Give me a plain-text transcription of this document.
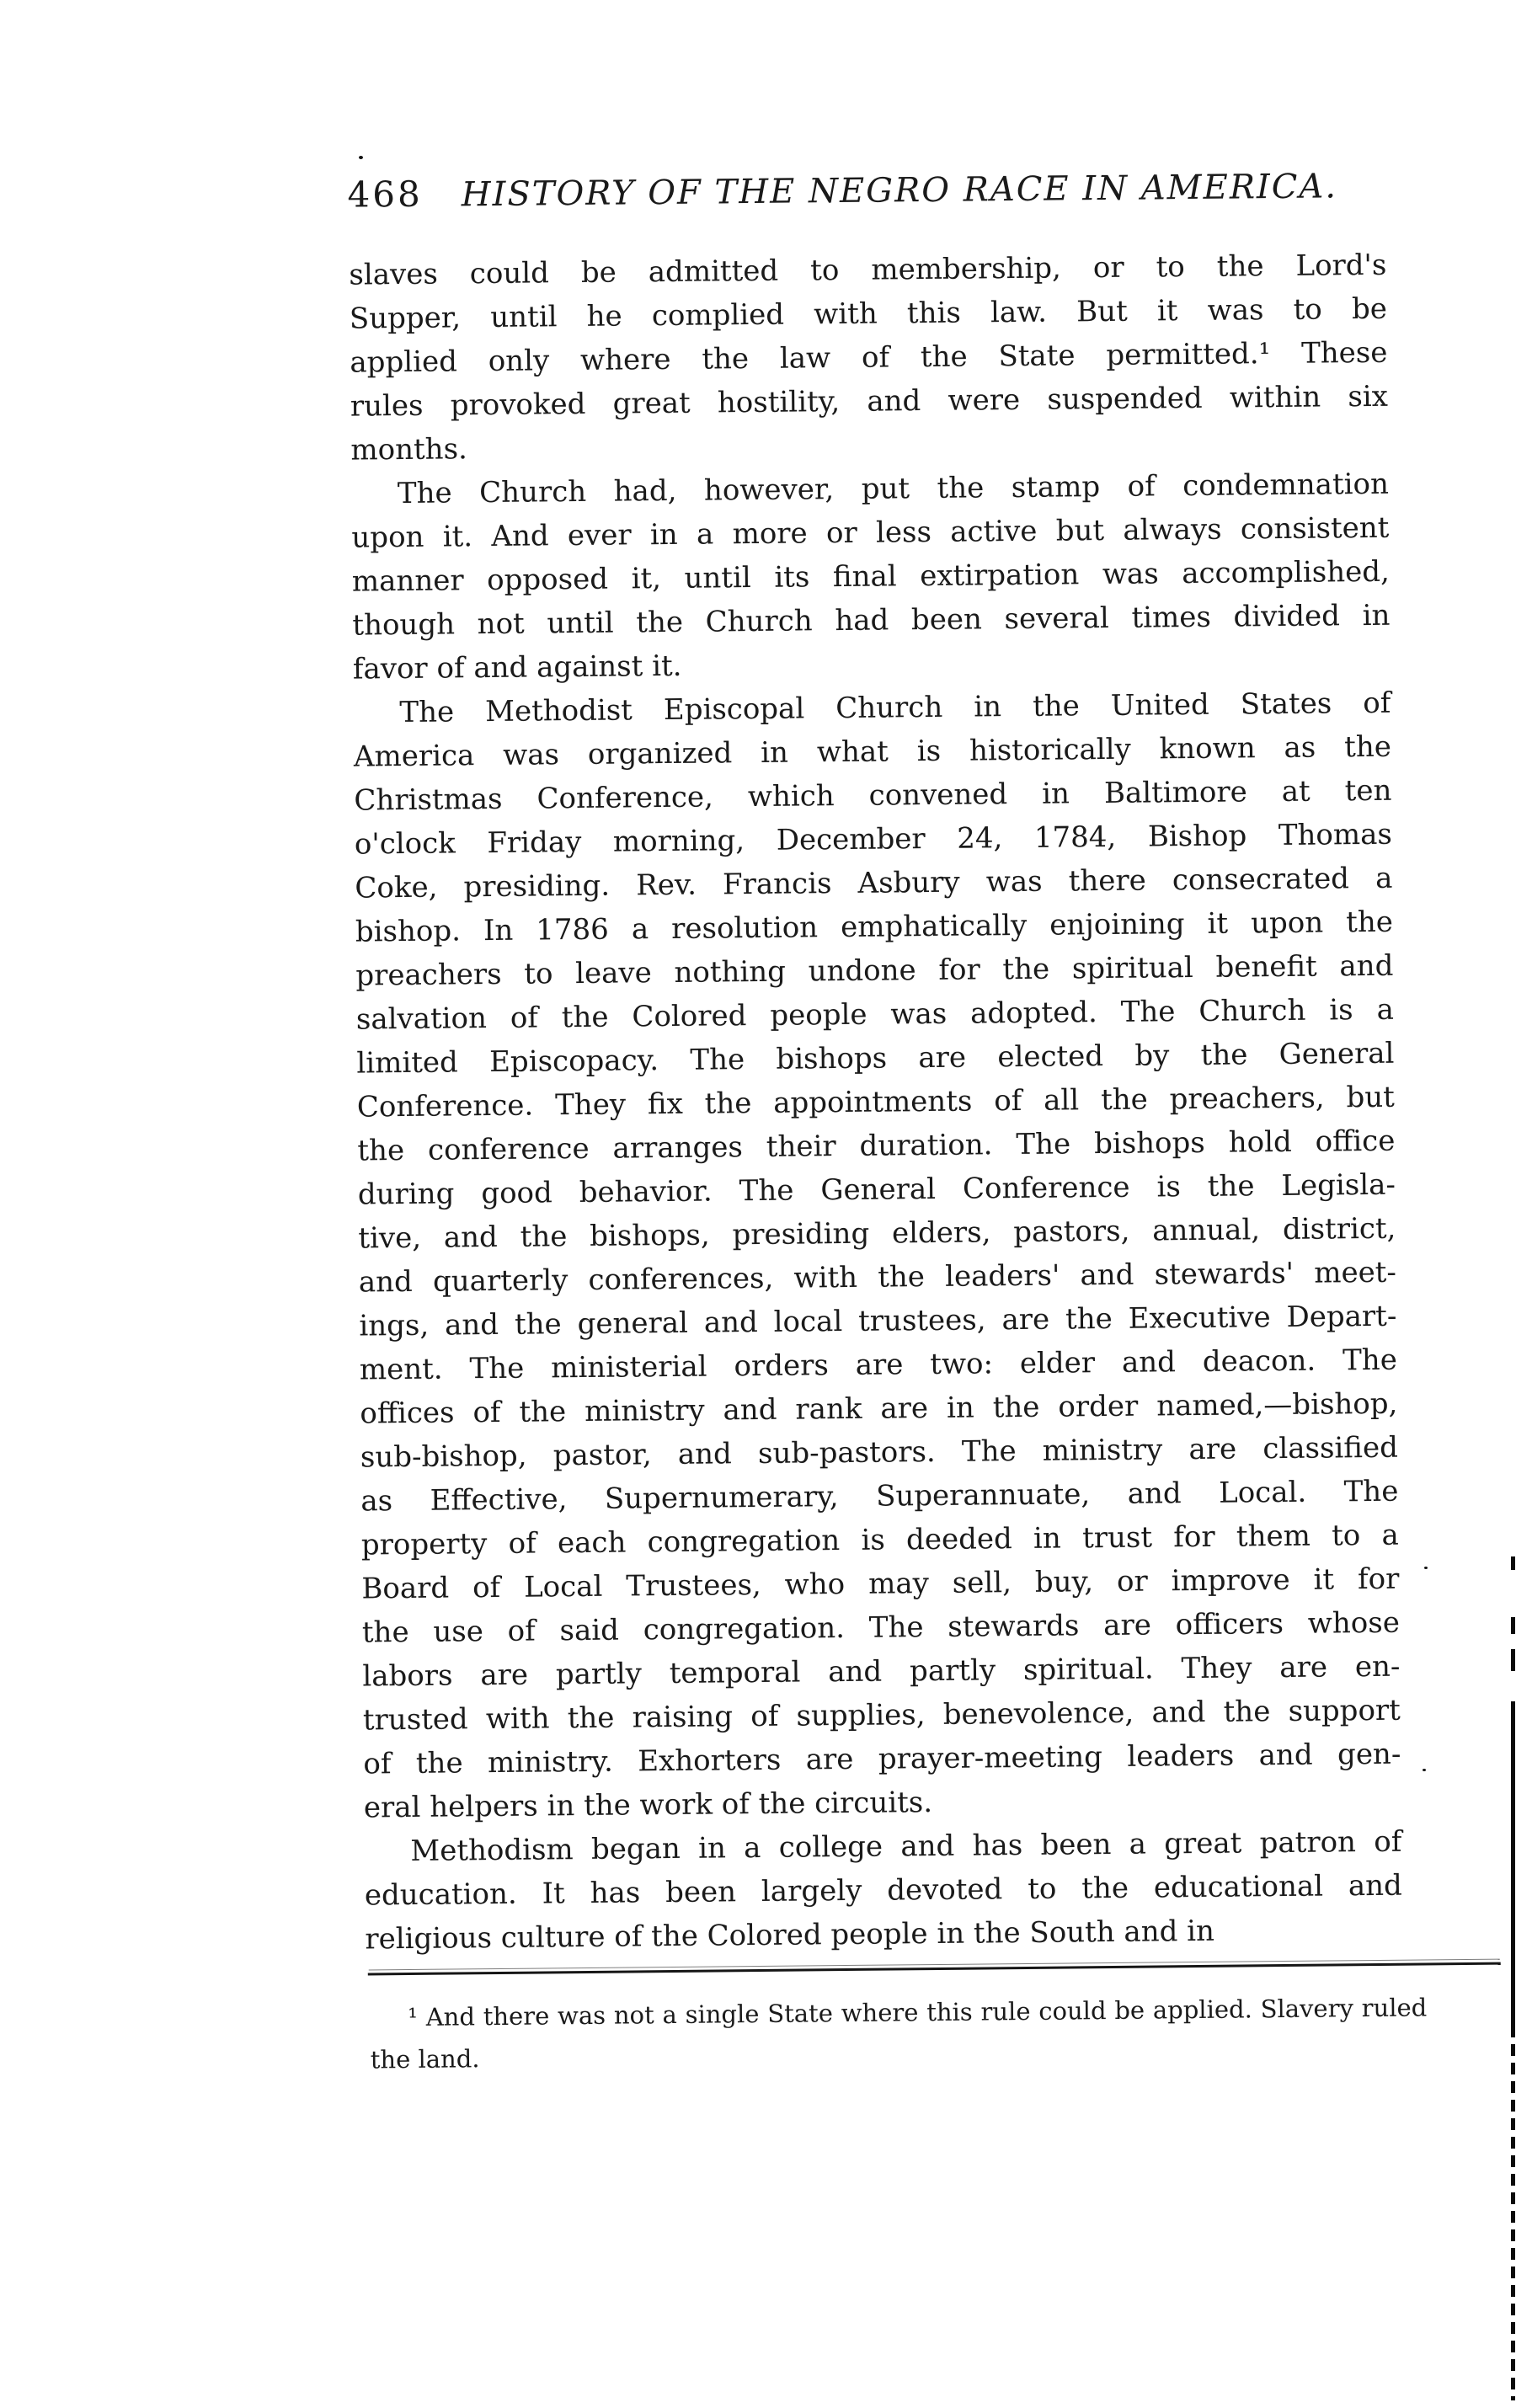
468 HISTORY OF THE NEGRO RACE IN AMERICA.
slaves could be admitted to membership, or to the Lord's
Supper, until he complied with this law. But it was to be
applied only where the law of the State permitted.¹ These
rules provoked great hostility, and were suspended within six
months.
The Church had, however, put the stamp of condemnation
upon it. And ever in a more or less active but always consistent
manner opposed it, until its final extirpation was accomplished,
though not until the Church had been several times divided in
favor of and against it.
The Methodist Episcopal Church in the United States of
America was organized in what is historically known as the
Christmas Conference, which convened in Baltimore at ten
o'clock Friday morning, December 24, 1784, Bishop Thomas
Coke, presiding. Rev. Francis Asbury was there consecrated a
bishop. In 1786 a resolution emphatically enjoining it upon the
preachers to leave nothing undone for the spiritual benefit and
salvation of the Colored people was adopted. The Church is a
limited Episcopacy. The bishops are elected by the General
Conference. They fix the appointments of all the preachers, but
the conference arranges their duration. The bishops hold office
during good behavior. The General Conference is the Legisla-
tive, and the bishops, presiding elders, pastors, annual, district,
and quarterly conferences, with the leaders' and stewards' meet-
ings, and the general and local trustees, are the Executive Depart-
ment. The ministerial orders are two: elder and deacon. The
offices of the ministry and rank are in the order named,—bishop,
sub-bishop, pastor, and sub-pastors. The ministry are classified
as Effective, Supernumerary, Superannuate, and Local. The
property of each congregation is deeded in trust for them to a
Board of Local Trustees, who may sell, buy, or improve it for
the use of said congregation. The stewards are officers whose
labors are partly temporal and partly spiritual. They are en-
trusted with the raising of supplies, benevolence, and the support
of the ministry. Exhorters are prayer-meeting leaders and gen-
eral helpers in the work of the circuits.
Methodism began in a college and has been a great patron of
education. It has been largely devoted to the educational and
religious culture of the Colored people in the South and in
¹ And there was not a single State where this rule could be applied. Slavery ruled
the land.
